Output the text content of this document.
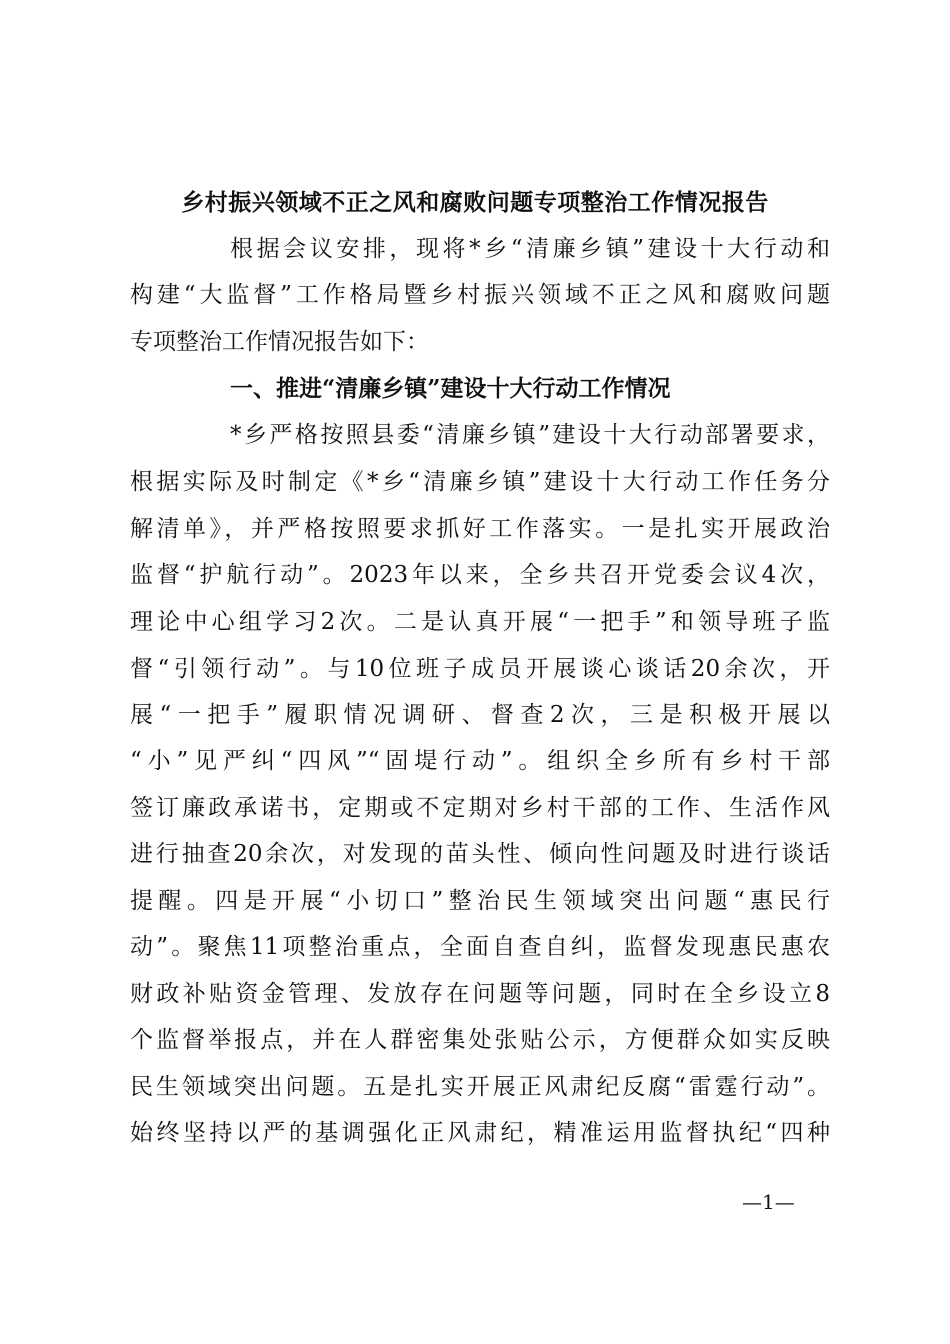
乡村振兴领域不正之风和腐败问题专项整治工作情况报告
根据会议安排，现将*乡“清廉乡镇”建设十大行动和
构建“大监督”工作格局暨乡村振兴领域不正之风和腐败问题
专项整治工作情况报告如下：
一、推进“清廉乡镇”建设十大行动工作情况
*乡严格按照县委“清廉乡镇”建设十大行动部署要求，
根据实际及时制定《*乡“清廉乡镇”建设十大行动工作任务分
解清单》，并严格按照要求抓好工作落实。一是扎实开展政治
监督“护航行动”。2023年以来，全乡共召开党委会议4次，
理论中心组学习2次。二是认真开展“一把手”和领导班子监
督“引领行动”。与10位班子成员开展谈心谈话20余次，开
展“一把手”履职情况调研、督查2次，三是积极开展以
“小”见严纠“四风”“固堤行动”。组织全乡所有乡村干部
签订廉政承诺书，定期或不定期对乡村干部的工作、生活作风
进行抽查20余次，对发现的苗头性、倾向性问题及时进行谈话
提醒。四是开展“小切口”整治民生领域突出问题“惠民行
动”。聚焦11项整治重点，全面自查自纠，监督发现惠民惠农
财政补贴资金管理、发放存在问题等问题，同时在全乡设立8
个监督举报点，并在人群密集处张贴公示，方便群众如实反映
民生领域突出问题。五是扎实开展正风肃纪反腐“雷霆行动”。
始终坚持以严的基调强化正风肃纪，精准运用监督执纪“四种
—1—
